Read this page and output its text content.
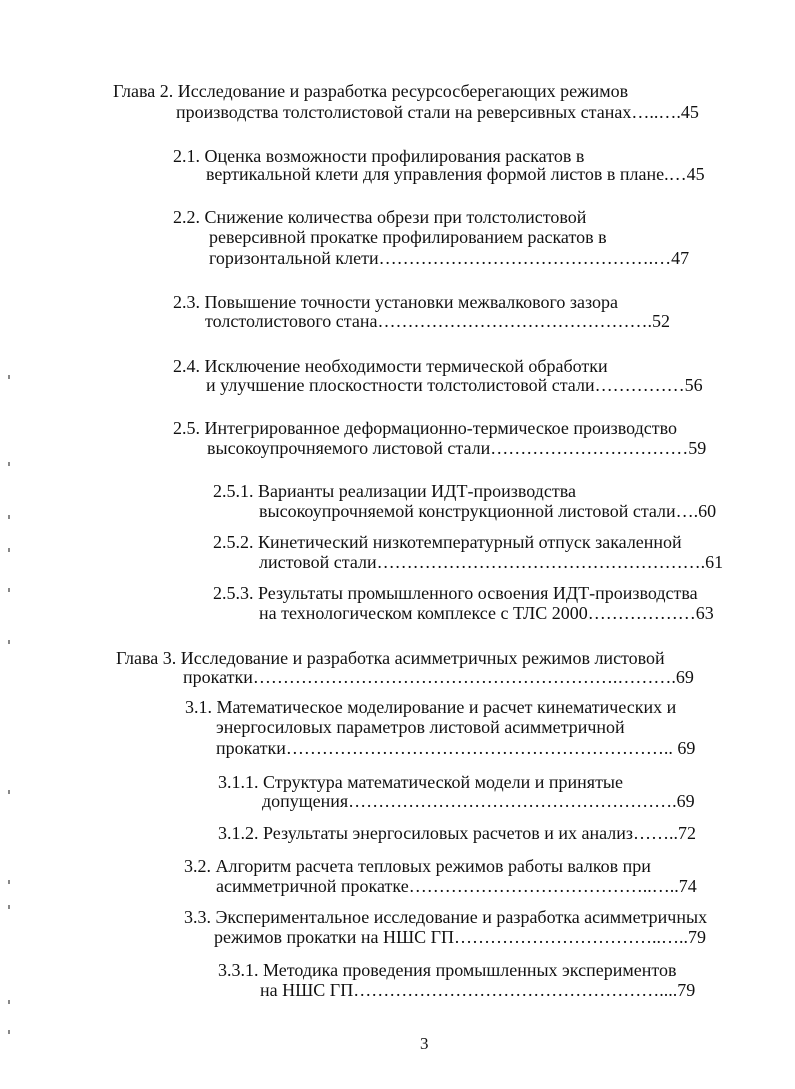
Глава 2. Исследование и разработка ресурсосберегающих режимов
производства толстолистовой стали на реверсивных станах…..….45
2.1. Оценка возможности профилирования раскатов в
вертикальной клети для управления формой листов в плане.…45
2.2. Снижение количества обрези при толстолистовой
реверсивной прокатке профилированием раскатов в
горизонтальной клети……………………………………….…47
2.3. Повышение точности установки межвалкового зазора
толстолистового стана……………………………………….52
2.4. Исключение необходимости термической обработки
и улучшение плоскостности толстолистовой стали……………56
2.5. Интегрированное деформационно-термическое производство
высокоупрочняемого листовой стали……………………………59
2.5.1. Варианты реализации ИДТ-производства
высокоупрочняемой конструкционной листовой стали….60
2.5.2. Кинетический низкотемпературный отпуск закаленной
листовой стали……………………………………………….61
2.5.3. Результаты промышленного освоения ИДТ-производства
на технологическом комплексе с ТЛС 2000………………63
Глава 3. Исследование и разработка асимметричных режимов листовой
прокатки…………………………………………………….……….69
3.1. Математическое моделирование и расчет кинематических и
энергосиловых параметров листовой асимметричной
прокатки……………………………………………………….. 69
3.1.1. Структура математической модели и принятые
допущения……………………………………………….69
3.1.2. Результаты энергосиловых расчетов и их анализ……..72
3.2. Алгоритм расчета тепловых режимов работы валков при
асимметричной прокатке…………………………………..…..74
3.3. Экспериментальное исследование и разработка асимметричных
режимов прокатки на НШС ГП……………………………..…..79
3.3.1. Методика проведения промышленных экспериментов
на НШС ГП……………………………………………....79
3
